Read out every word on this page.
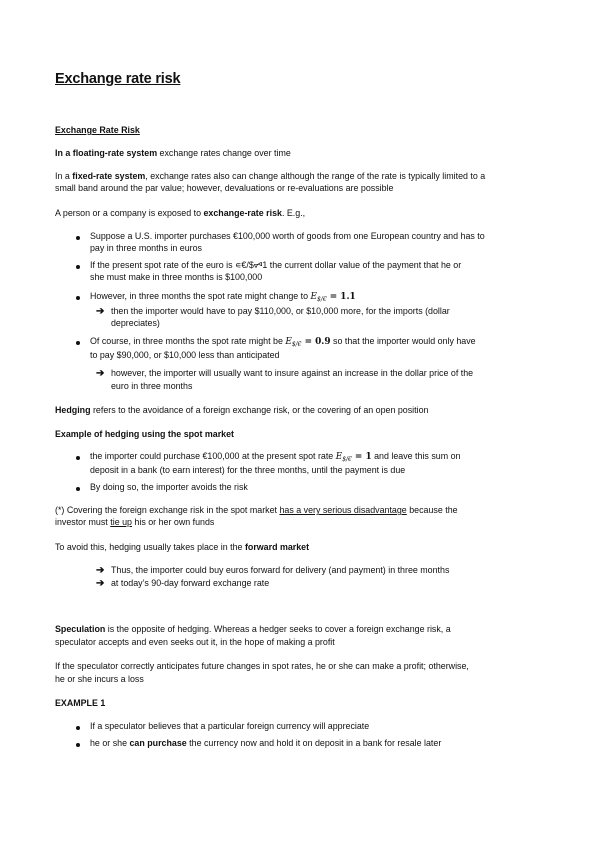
Exchange rate risk
Exchange Rate Risk
In a floating-rate system exchange rates change over time
In a fixed-rate system, exchange rates also can change although the range of the rate is typically limited to a
small band around the par value; however, devaluations or re-evaluations are possible
A person or a company is exposed to exchange-rate risk. E.g.,
Suppose a U.S. importer purchases €100,000 worth of goods from one European country and has to
pay in three months in euros
If the present spot rate of the euro is ∊€/$ᢦᢦ1 the current dollar value of the payment that he or
she must make in three months is $100,000
However, in three months the spot rate might change to $E_{\$/€} = 1.1$
➔ then the importer would have to pay $110,000, or $10,000 more, for the imports (dollar
depreciates)
Of course, in three months the spot rate might be $E_{\$/€} = 0.9$ so that the importer would only have
to pay $90,000, or $10,000 less than anticipated
➔ however, the importer will usually want to insure against an increase in the dollar price of the
euro in three months
Hedging refers to the avoidance of a foreign exchange risk, or the covering of an open position
Example of hedging using the spot market
the importer could purchase €100,000 at the present spot rate $E_{\$/€} = 1$ and leave this sum on
deposit in a bank (to earn interest) for the three months, until the payment is due
By doing so, the importer avoids the risk
(*) Covering the foreign exchange risk in the spot market has a very serious disadvantage because the
investor must tie up his or her own funds
To avoid this, hedging usually takes place in the forward market
➔ Thus, the importer could buy euros forward for delivery (and payment) in three months
➔ at today’s 90-day forward exchange rate
Speculation is the opposite of hedging. Whereas a hedger seeks to cover a foreign exchange risk, a
speculator accepts and even seeks out it, in the hope of making a profit
If the speculator correctly anticipates future changes in spot rates, he or she can make a profit; otherwise,
he or she incurs a loss
EXAMPLE 1
If a speculator believes that a particular foreign currency will appreciate
he or she can purchase the currency now and hold it on deposit in a bank for resale later
